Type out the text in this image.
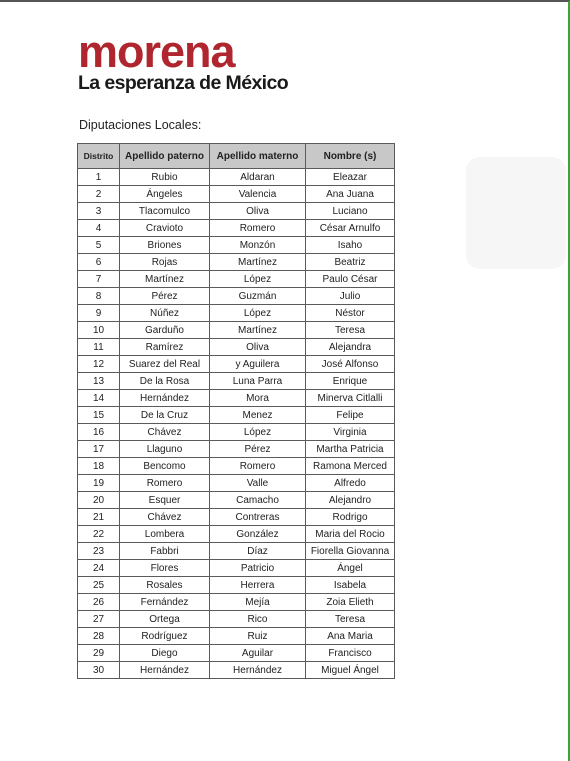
morena
La esperanza de México
Diputaciones Locales:
Distrito	Apellido paterno	Apellido materno	Nombre (s)
1	Rubio	Aldaran	Eleazar
2	Ángeles	Valencia	Ana Juana
3	Tlacomulco	Oliva	Luciano
4	Cravioto	Romero	César Arnulfo
5	Briones	Monzón	Isaho
6	Rojas	Martínez	Beatriz
7	Martínez	López	Paulo César
8	Pérez	Guzmán	Julio
9	Núñez	López	Néstor
10	Garduño	Martínez	Teresa
11	Ramírez	Oliva	Alejandra
12	Suarez del Real	y Aguilera	José Alfonso
13	De la Rosa	Luna Parra	Enrique
14	Hernández	Mora	Minerva Citlalli
15	De la Cruz	Menez	Felipe
16	Chávez	López	Virginia
17	Llaguno	Pérez	Martha Patricia
18	Bencomo	Romero	Ramona Merced
19	Romero	Valle	Alfredo
20	Esquer	Camacho	Alejandro
21	Chávez	Contreras	Rodrigo
22	Lombera	González	Maria del Rocio
23	Fabbri	Díaz	Fiorella Giovanna
24	Flores	Patricio	Ángel
25	Rosales	Herrera	Isabela
26	Fernández	Mejía	Zoia Elieth
27	Ortega	Rico	Teresa
28	Rodríguez	Ruiz	Ana Maria
29	Diego	Aguilar	Francisco
30	Hernández	Hernández	Miguel Ángel
